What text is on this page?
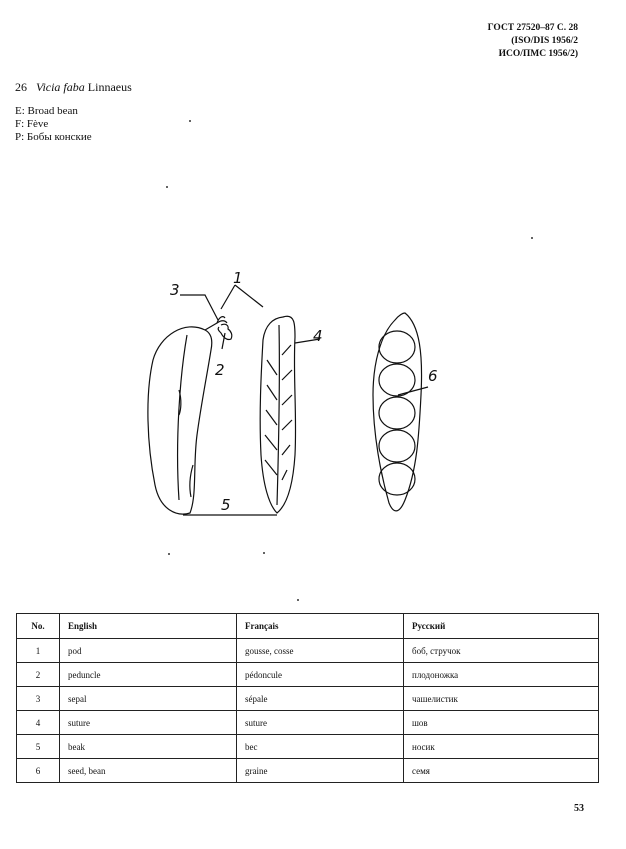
ГОСТ 27520–87 С. 28
(ISO/DIS 1956/2
ИСО/ПМС 1956/2)
26 Vicia faba Linnaeus
E: Broad bean
F: Fève
P: Бобы конские
1
2
3
4
5
6
No.	English	Français	Русский
1	pod	gousse, cosse	боб, стручок
2	peduncle	pédoncule	плодоножка
3	sepal	sépale	чашелистик
4	suture	suture	шов
5	beak	bec	носик
6	seed, bean	graine	семя
53
